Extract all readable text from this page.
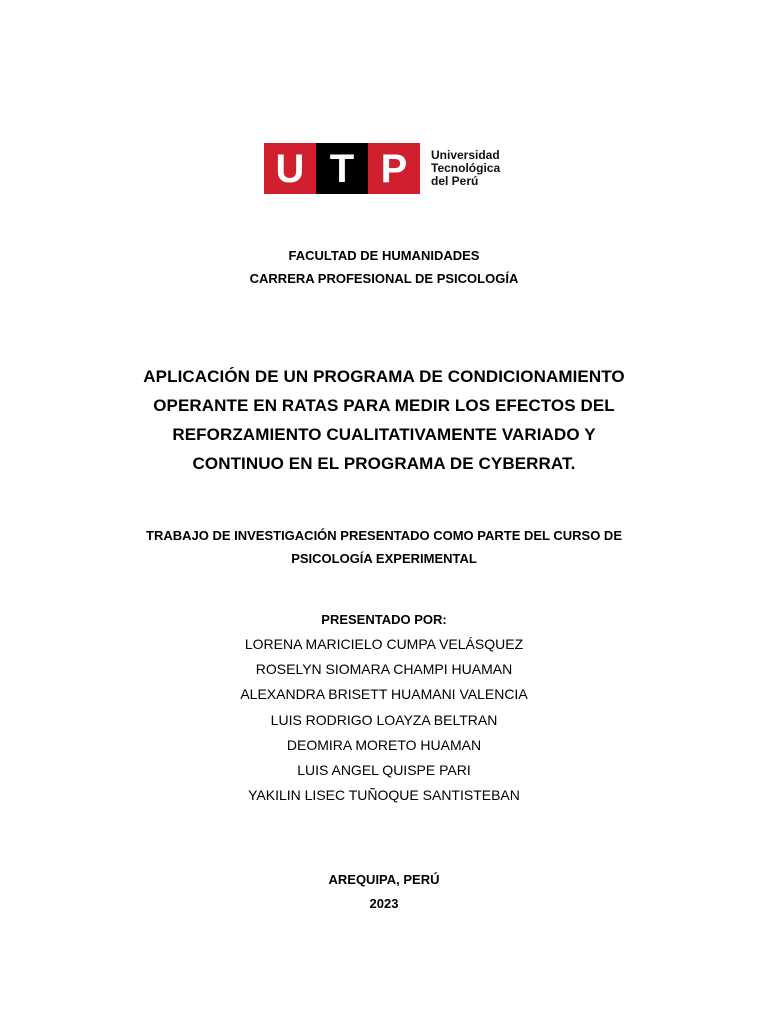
U T P	Universidad
Tecnológica
del Perú
FACULTAD DE HUMANIDADES
CARRERA PROFESIONAL DE PSICOLOGÍA
APLICACIÓN DE UN PROGRAMA DE CONDICIONAMIENTO
OPERANTE EN RATAS PARA MEDIR LOS EFECTOS DEL
REFORZAMIENTO CUALITATIVAMENTE VARIADO Y
CONTINUO EN EL PROGRAMA DE CYBERRAT.
TRABAJO DE INVESTIGACIÓN PRESENTADO COMO PARTE DEL CURSO DE
PSICOLOGÍA EXPERIMENTAL
PRESENTADO POR:
LORENA MARICIELO CUMPA VELÁSQUEZ
ROSELYN SIOMARA CHAMPI HUAMAN
ALEXANDRA BRISETT HUAMANI VALENCIA
LUIS RODRIGO LOAYZA BELTRAN
DEOMIRA MORETO HUAMAN
LUIS ANGEL QUISPE PARI
YAKILIN LISEC TUÑOQUE SANTISTEBAN
AREQUIPA, PERÚ
2023
